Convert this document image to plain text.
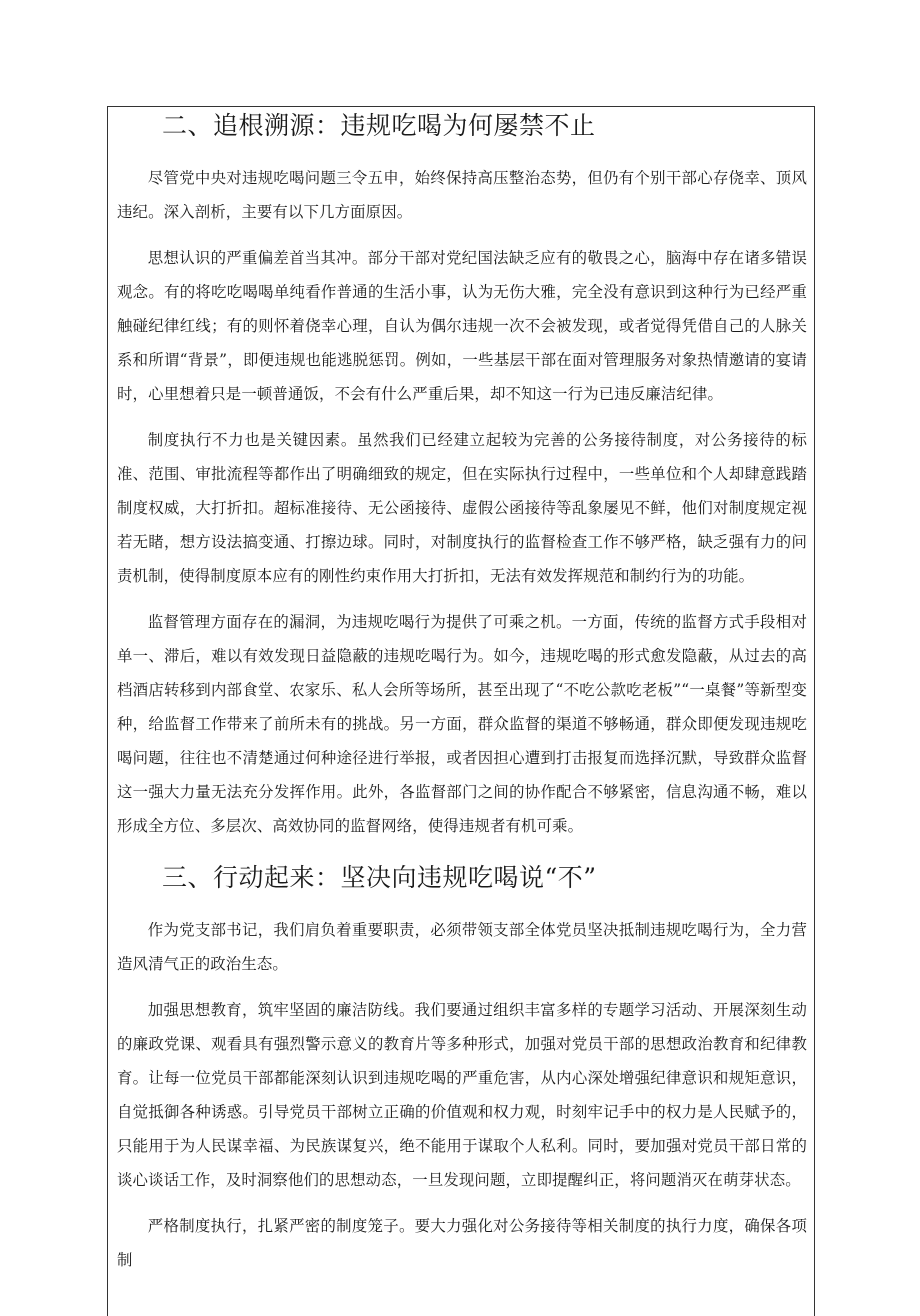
二、追根溯源：违规吃喝为何屡禁不止

尽管党中央对违规吃喝问题三令五申，始终保持高压整治态势，但仍有个别干部心存侥幸、顶风违纪。深入剖析，主要有以下几方面原因。

思想认识的严重偏差首当其冲。部分干部对党纪国法缺乏应有的敬畏之心，脑海中存在诸多错误观念。有的将吃吃喝喝单纯看作普通的生活小事，认为无伤大雅，完全没有意识到这种行为已经严重触碰纪律红线；有的则怀着侥幸心理，自认为偶尔违规一次不会被发现，或者觉得凭借自己的人脉关系和所谓“背景”，即便违规也能逃脱惩罚。例如，一些基层干部在面对管理服务对象热情邀请的宴请时，心里想着只是一顿普通饭，不会有什么严重后果，却不知这一行为已违反廉洁纪律。

制度执行不力也是关键因素。虽然我们已经建立起较为完善的公务接待制度，对公务接待的标准、范围、审批流程等都作出了明确细致的规定，但在实际执行过程中，一些单位和个人却肆意践踏制度权威，大打折扣。超标准接待、无公函接待、虚假公函接待等乱象屡见不鲜，他们对制度规定视若无睹，想方设法搞变通、打擦边球。同时，对制度执行的监督检查工作不够严格，缺乏强有力的问责机制，使得制度原本应有的刚性约束作用大打折扣，无法有效发挥规范和制约行为的功能。

监督管理方面存在的漏洞，为违规吃喝行为提供了可乘之机。一方面，传统的监督方式手段相对单一、滞后，难以有效发现日益隐蔽的违规吃喝行为。如今，违规吃喝的形式愈发隐蔽，从过去的高档酒店转移到内部食堂、农家乐、私人会所等场所，甚至出现了“不吃公款吃老板”“一桌餐”等新型变种，给监督工作带来了前所未有的挑战。另一方面，群众监督的渠道不够畅通，群众即便发现违规吃喝问题，往往也不清楚通过何种途径进行举报，或者因担心遭到打击报复而选择沉默，导致群众监督这一强大力量无法充分发挥作用。此外，各监督部门之间的协作配合不够紧密，信息沟通不畅，难以形成全方位、多层次、高效协同的监督网络，使得违规者有机可乘。

三、行动起来：坚决向违规吃喝说“不”

作为党支部书记，我们肩负着重要职责，必须带领支部全体党员坚决抵制违规吃喝行为，全力营造风清气正的政治生态。

加强思想教育，筑牢坚固的廉洁防线。我们要通过组织丰富多样的专题学习活动、开展深刻生动的廉政党课、观看具有强烈警示意义的教育片等多种形式，加强对党员干部的思想政治教育和纪律教育。让每一位党员干部都能深刻认识到违规吃喝的严重危害，从内心深处增强纪律意识和规矩意识，自觉抵御各种诱惑。引导党员干部树立正确的价值观和权力观，时刻牢记手中的权力是人民赋予的，只能用于为人民谋幸福、为民族谋复兴，绝不能用于谋取个人私利。同时，要加强对党员干部日常的谈心谈话工作，及时洞察他们的思想动态，一旦发现问题，立即提醒纠正，将问题消灭在萌芽状态。

严格制度执行，扎紧严密的制度笼子。要大力强化对公务接待等相关制度的执行力度，确保各项制
